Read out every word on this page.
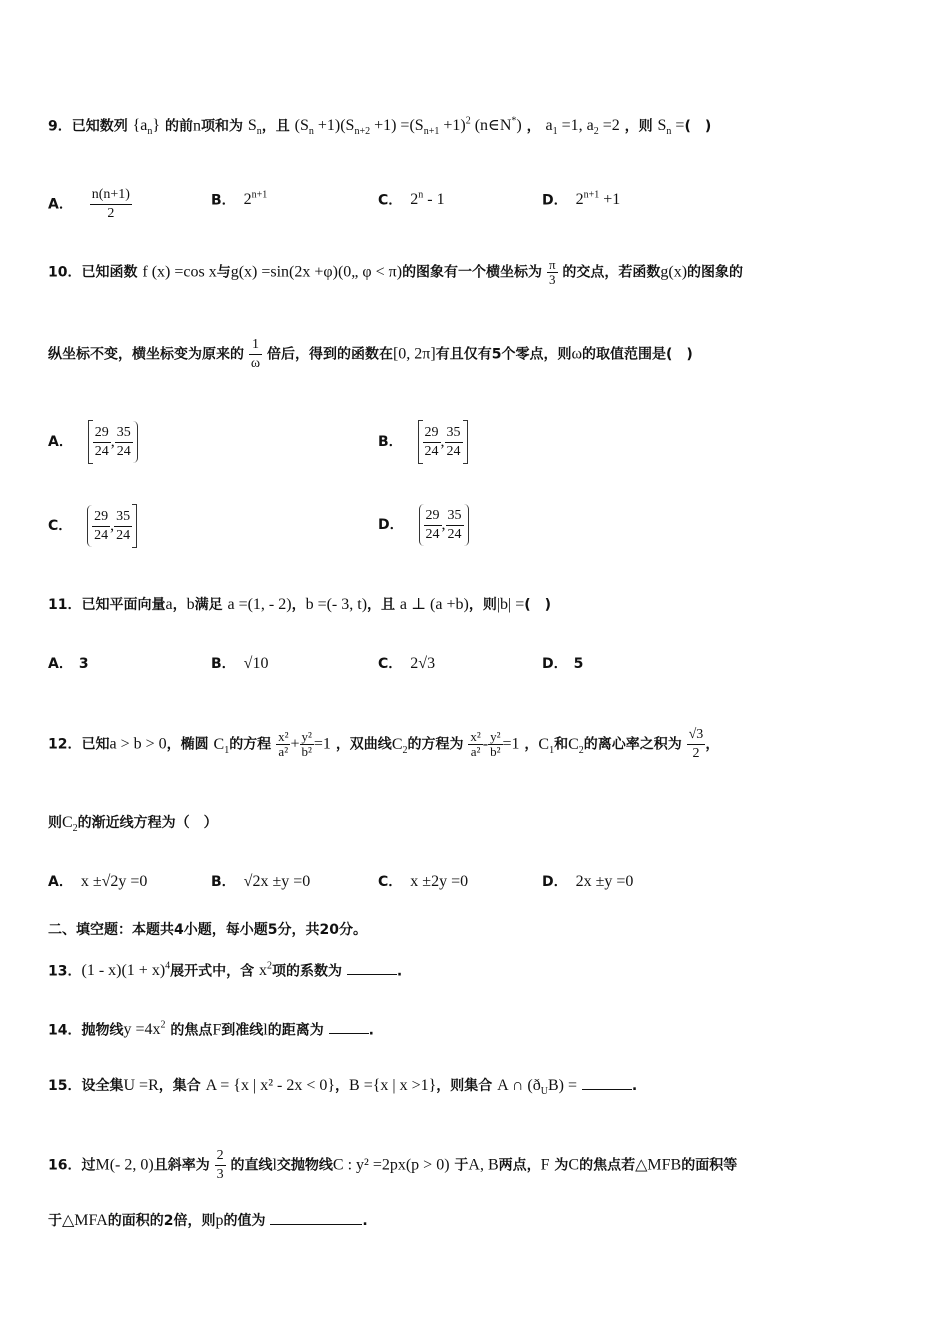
9．已知数列 $\{a_n\}$ 的前n项和为 $S_n$，且 $(S_n +1)(S_{n+2} +1) =(S_{n+1} +1)^2$ (n∈N*) ， $a_1 =1$, $a_2 =2$ ，则 $S_n$ =(　)
A． $\frac{n(n+1)}{2}$	B． $2^{n+1}$	C． 2$^n$ - 1	D． $2^{n+1} +1$
10．已知函数 f (x) =cos x与g(x) =sin(2x +φ)(0„ φ < π)的图象有一个横坐标为 $\frac{\pi}{3}$ 的交点，若函数g(x)的图象的
纵坐标不变，横坐标变为原来的 $\frac{1}{\omega}$ 倍后，得到的函数在[0, 2π]有且仅有5个零点，则ω的取值范围是(　)
A． $\frac{29}{24}$ , $\frac{35}{24}$	B． $\frac{29}{24}$ , $\frac{35}{24}$
C． $\frac{29}{24}$ , $\frac{35}{24}$	D． $\frac{29}{24}$ , $\frac{35}{24}$
11．已知平面向量a，b满足 a =(1, - 2)，b =(- 3, t)，且 a ⊥ (a +b)，则|b| =(　)
A． 3	B． √10	C． 2√3	D． 5
12．已知a > b > 0，椭圆 $C_1$的方程 $\frac{\text{x²}}{\text{a²}} + \frac{\text{y²}}{\text{b²}} =1$ ，双曲线$C_2$的方程为 $\frac{\text{x²}}{\text{a²}} - \frac{\text{y²}}{\text{b²}} =1$ ，$C_1$和$C_2$的离心率之积为 $\frac{√3}{2}$ ，
则$C_2$的渐近线方程为（　）
A． x ±√2y =0	B． √2x ±y =0	C． x ±2y =0	D． 2x ±y =0
二、填空题：本题共4小题，每小题5分，共20分。
13．$(1 - x)(1 + x)^4$展开式中，含 $x^2$项的系数为	.
14．抛物线$y =4x^2$ 的焦点F到准线l的距离为	.
15．设全集U =R，集合 A = {x | x² - 2x < 0}，B ={x | x >1}，则集合 A ∩ $(ð_UB)$ =	.
16．过M(- 2, 0)且斜率为 $\frac{2}{3}$ 的直线l交抛物线C : y² =2px(p > 0) 于A, B两点，F 为C的焦点若△MFB的面积等
于△MFA的面积的2倍，则p的值为	.
